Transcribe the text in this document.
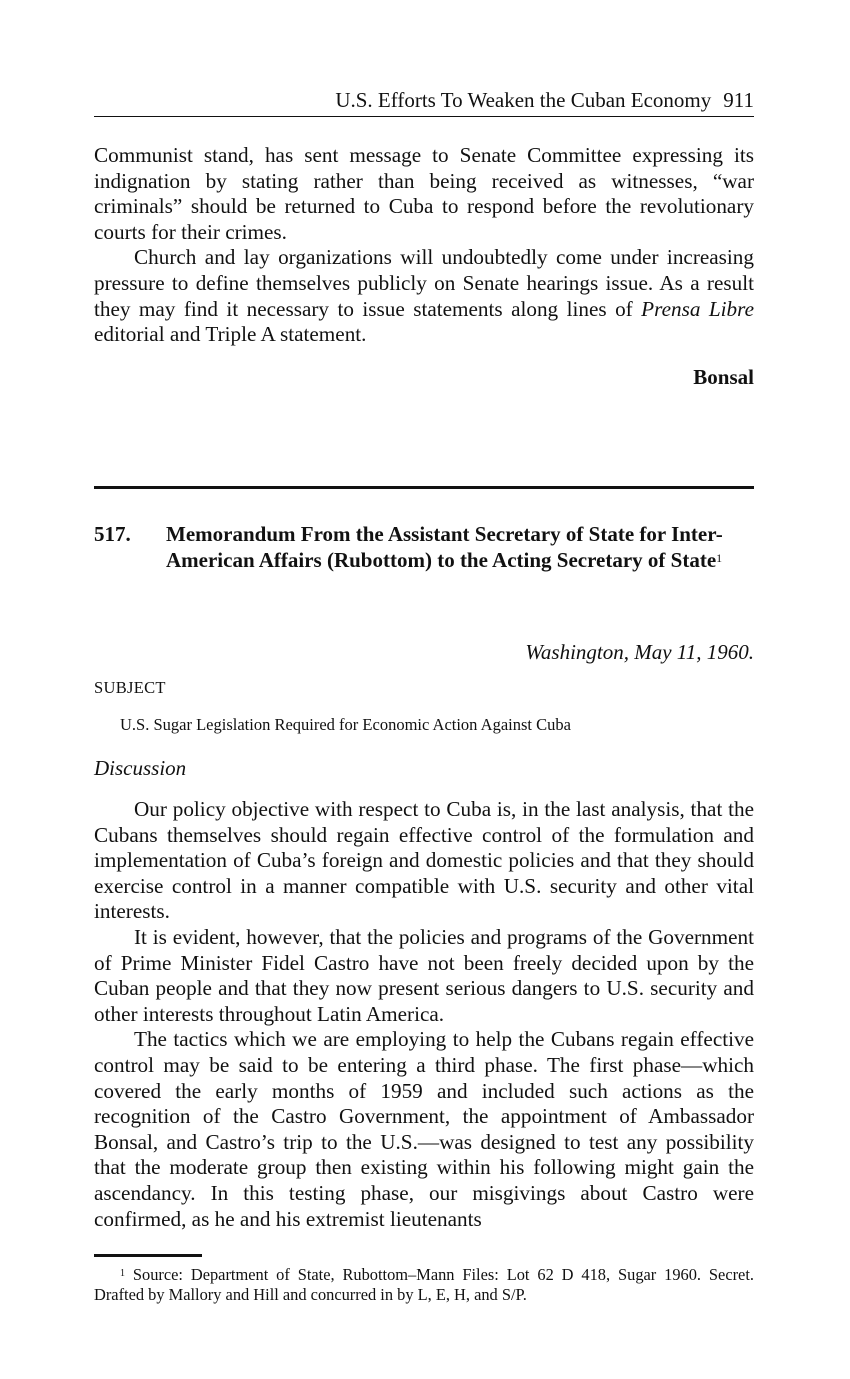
U.S. Efforts To Weaken the Cuban Economy 911

Communist stand, has sent message to Senate Committee expressing its indignation by stating rather than being received as witnesses, “war criminals” should be returned to Cuba to respond before the revolutionary courts for their crimes.

Church and lay organizations will undoubtedly come under increasing pressure to define themselves publicly on Senate hearings issue. As a result they may find it necessary to issue statements along lines of Prensa Libre editorial and Triple A statement.

Bonsal
517. Memorandum From the Assistant Secretary of State for Inter-American Affairs (Rubottom) to the Acting Secretary of State$^1$
Washington, May 11, 1960.
SUBJECT
U.S. Sugar Legislation Required for Economic Action Against Cuba
Discussion

Our policy objective with respect to Cuba is, in the last analysis, that the Cubans themselves should regain effective control of the formulation and implementation of Cuba’s foreign and domestic policies and that they should exercise control in a manner compatible with U.S. security and other vital interests.

It is evident, however, that the policies and programs of the Government of Prime Minister Fidel Castro have not been freely decided upon by the Cuban people and that they now present serious dangers to U.S. security and other interests throughout Latin America.

The tactics which we are employing to help the Cubans regain effective control may be said to be entering a third phase. The first phase—which covered the early months of 1959 and included such actions as the recognition of the Castro Government, the appointment of Ambassador Bonsal, and Castro’s trip to the U.S.—was designed to test any possibility that the moderate group then existing within his following might gain the ascendancy. In this testing phase, our misgivings about Castro were confirmed, as he and his extremist lieutenants

$^1$ Source: Department of State, Rubottom–Mann Files: Lot 62 D 418, Sugar 1960. Secret. Drafted by Mallory and Hill and concurred in by L, E, H, and S/P.
